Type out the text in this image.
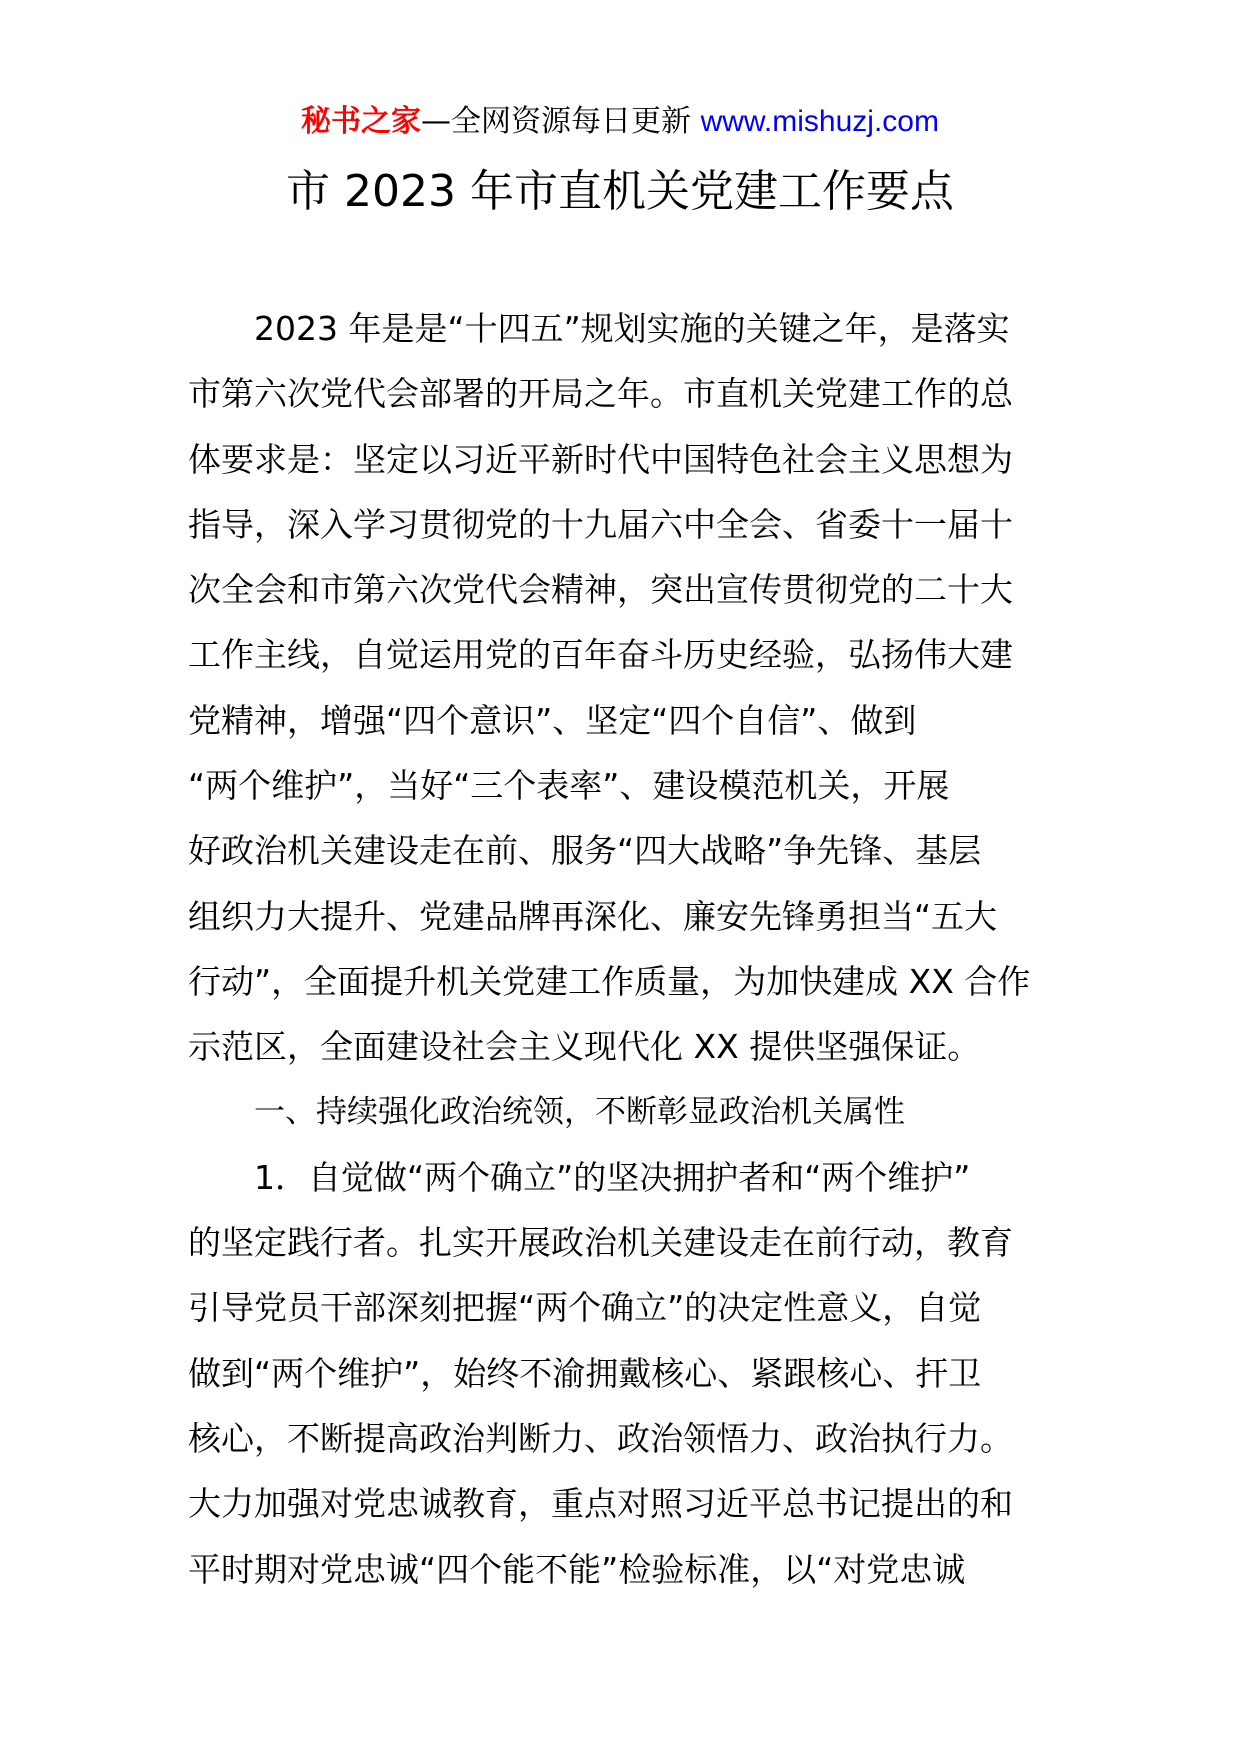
秘书之家—全网资源每日更新 www.mishuzj.com
市 2023 年市直机关党建工作要点
2023 年是是“十四五”规划实施的关键之年，是落实
市第六次党代会部署的开局之年。市直机关党建工作的总
体要求是：坚定以习近平新时代中国特色社会主义思想为
指导，深入学习贯彻党的十九届六中全会、省委十一届十
次全会和市第六次党代会精神，突出宣传贯彻党的二十大
工作主线，自觉运用党的百年奋斗历史经验，弘扬伟大建
党精神，增强“四个意识”、坚定“四个自信”、做到
“两个维护”，当好“三个表率”、建设模范机关，开展
好政治机关建设走在前、服务“四大战略”争先锋、基层
组织力大提升、党建品牌再深化、廉安先锋勇担当“五大
行动”，全面提升机关党建工作质量，为加快建成 XX 合作
示范区，全面建设社会主义现代化 XX 提供坚强保证。
一、持续强化政治统领，不断彰显政治机关属性
1．自觉做“两个确立”的坚决拥护者和“两个维护”
的坚定践行者。扎实开展政治机关建设走在前行动，教育
引导党员干部深刻把握“两个确立”的决定性意义，自觉
做到“两个维护”，始终不渝拥戴核心、紧跟核心、扞卫
核心，不断提高政治判断力、政治领悟力、政治执行力。
大力加强对党忠诚教育，重点对照习近平总书记提出的和
平时期对党忠诚“四个能不能”检验标准，以“对党忠诚
